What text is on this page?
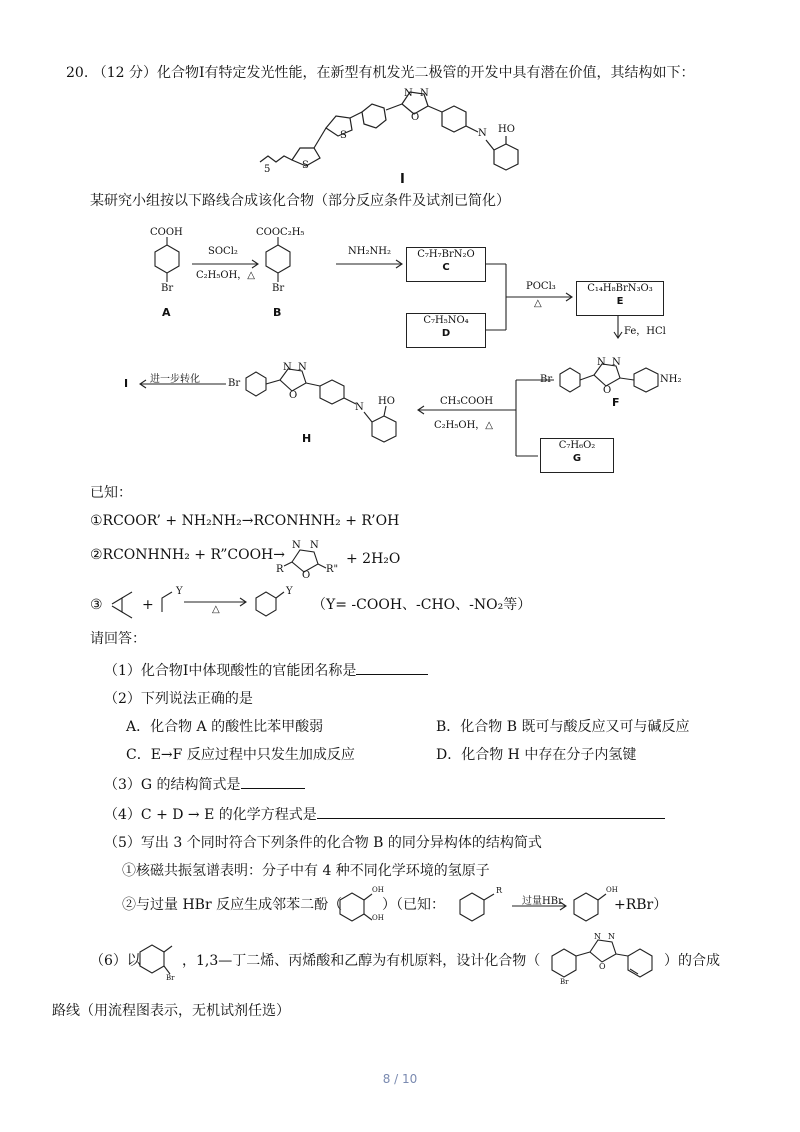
20. （12 分）化合物Ⅰ有特定发光性能，在新型有机发光二极管的开发中具有潜在价值，其结构如下：
5	S
S
N N
O
N HO
Ⅰ
某研究小组按以下路线合成该化合物（部分反应条件及试剂已简化）
COOH
Br
A
SOCl₂
C₂H₅OH，△
COOC₂H₅
Br
B
NH₂NH₂	C₇H₇BrN₂O
C
C₇H₅NO₄
D
POCl₃
△
C₁₄H₈BrN₃O₃
E
Fe，HCl
Br
N N
O
NH₂
F
CH₃COOH
C₂H₅OH，△
C₇H₆O₂
G
Br
N N
O
N
HO
H
进一步转化
I
已知：
①RCOOR’ + NH₂NH₂→RCONHNH₂ + R’OH
②RCONHNH₂ + R”COOH→
N N
O
R	R"
+ 2H₂O
③	+
Y
△
Y
（Y= -COOH、-CHO、-NO₂等）
请回答：
（1）化合物Ⅰ中体现酸性的官能团名称是
（2）下列说法正确的是
A．化合物 A 的酸性比苯甲酸弱	B．化合物 B 既可与酸反应又可与碱反应
C．E→F 反应过程中只发生加成反应	D．化合物 H 中存在分子内氢键
（3）G 的结构简式是
（4）C + D → E 的化学方程式是
（5）写出 3 个同时符合下列条件的化合物 B 的同分异构体的结构简式
①核磁共振氢谱表明：分子中有 4 种不同化学环境的氢原子
②与过量 HBr 反应生成邻苯二酚（	）（已知：
OH
OH
R
过量HBr
OH
+RBr）
（6）以
Br
，1,3—丁二烯、丙烯酸和乙醇为有机原料，设计化合物（
Br
N N
O	）的合成
路线（用流程图表示，无机试剂任选）
8 / 10
